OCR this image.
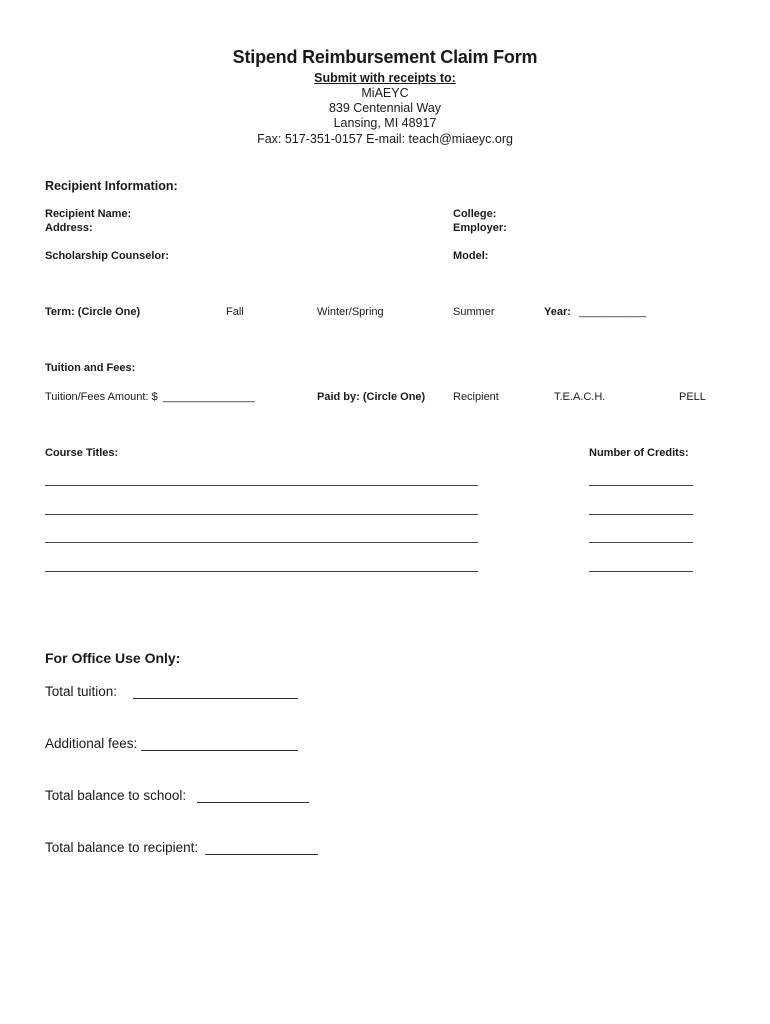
Stipend Reimbursement Claim Form
Submit with receipts to:
MiAEYC
839 Centennial Way
Lansing, MI 48917
Fax: 517-351-0157 E-mail: teach@miaeyc.org
Recipient Information:
Recipient Name:
Address:
College:
Employer:
Scholarship Counselor:	Model:
Term: (Circle One)	Fall	Winter/Spring	Summer	Year: ___________
Tuition and Fees:
Tuition/Fees Amount: $ _______________	Paid by: (Circle One)	Recipient	T.E.A.C.H.	PELL
Course Titles:	Number of Credits:
For Office Use Only:
Total tuition:
Additional fees:
Total balance to school:
Total balance to recipient:
